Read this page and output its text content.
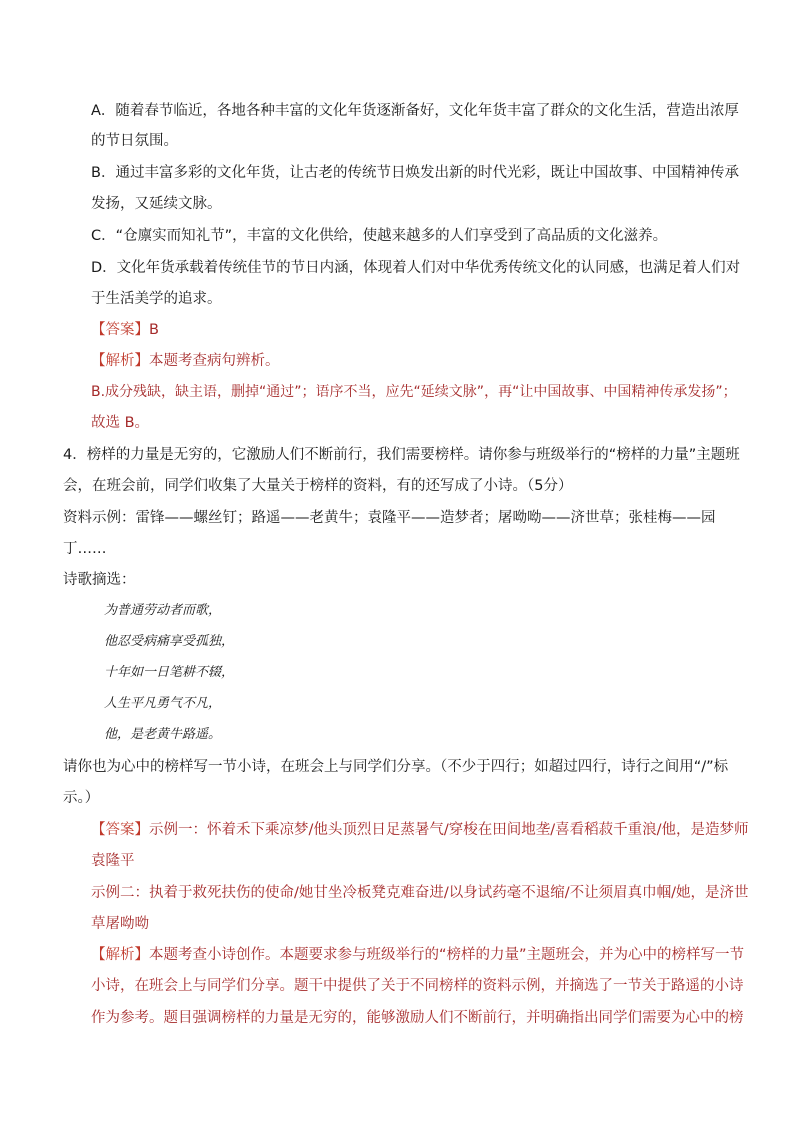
A．随着春节临近，各地各种丰富的文化年货逐渐备好，文化年货丰富了群众的文化生活，营造出浓厚
的节日氛围。
B．通过丰富多彩的文化年货，让古老的传统节日焕发出新的时代光彩，既让中国故事、中国精神传承
发扬，又延续文脉。
C．“仓廪实而知礼节”，丰富的文化供给，使越来越多的人们享受到了高品质的文化滋养。
D．文化年货承载着传统佳节的节日内涵，体现着人们对中华优秀传统文化的认同感，也满足着人们对
于生活美学的追求。
【答案】B
【解析】本题考查病句辨析。
B.成分残缺，缺主语，删掉“通过”；语序不当，应先“延续文脉”，再“让中国故事、中国精神传承发扬”；
故选 B。
4．榜样的力量是无穷的，它激励人们不断前行，我们需要榜样。请你参与班级举行的“榜样的力量”主题班
会，在班会前，同学们收集了大量关于榜样的资料，有的还写成了小诗。（5分）
资料示例：雷锋——螺丝钉；路遥——老黄牛；袁隆平——造梦者；屠呦呦——济世草；张桂梅——园
丁……
诗歌摘选：
为普通劳动者而歌，
他忍受病痛享受孤独，
十年如一日笔耕不辍，
人生平凡勇气不凡，
他，是老黄牛路遥。
请你也为心中的榜样写一节小诗，在班会上与同学们分享。（不少于四行；如超过四行，诗行之间用“/”标
示。）
【答案】示例一：怀着禾下乘凉梦/他头顶烈日足蒸暑气/穿梭在田间地垄/喜看稻菽千重浪/他，是造梦师
袁隆平
示例二：执着于救死扶伤的使命/她甘坐冷板凳克难奋进/以身试药毫不退缩/不让须眉真巾帼/她，是济世
草屠呦呦
【解析】本题考查小诗创作。本题要求参与班级举行的“榜样的力量”主题班会，并为心中的榜样写一节
小诗，在班会上与同学们分享。题干中提供了关于不同榜样的资料示例，并摘选了一节关于路遥的小诗
作为参考。题目强调榜样的力量是无穷的，能够激励人们不断前行，并明确指出同学们需要为心中的榜
